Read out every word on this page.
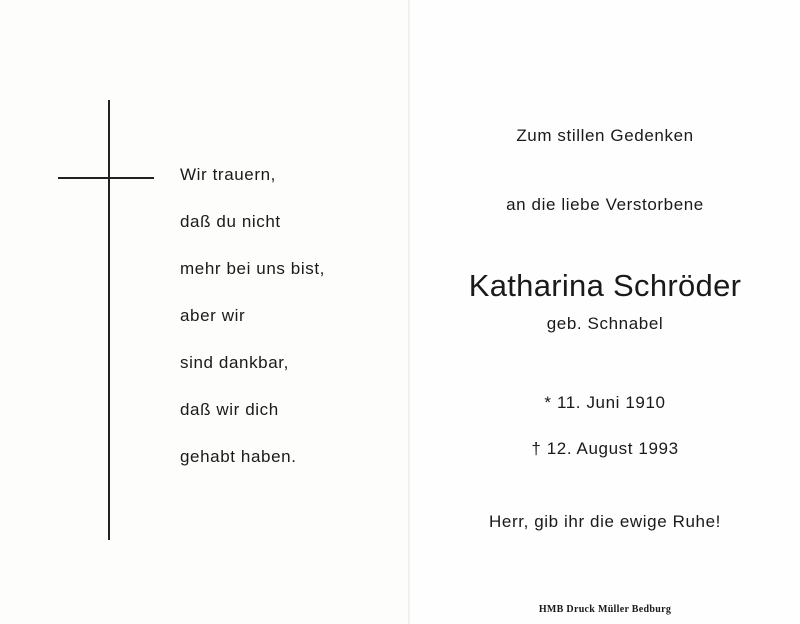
Wir trauern,
daß du nicht
mehr bei uns bist,
aber wir
sind dankbar,
daß wir dich
gehabt haben.
Zum stillen Gedenken
an die liebe Verstorbene
Katharina Schröder
geb. Schnabel
* 11. Juni 1910
† 12. August 1993
Herr, gib ihr die ewige Ruhe!
HMB Druck Müller Bedburg
